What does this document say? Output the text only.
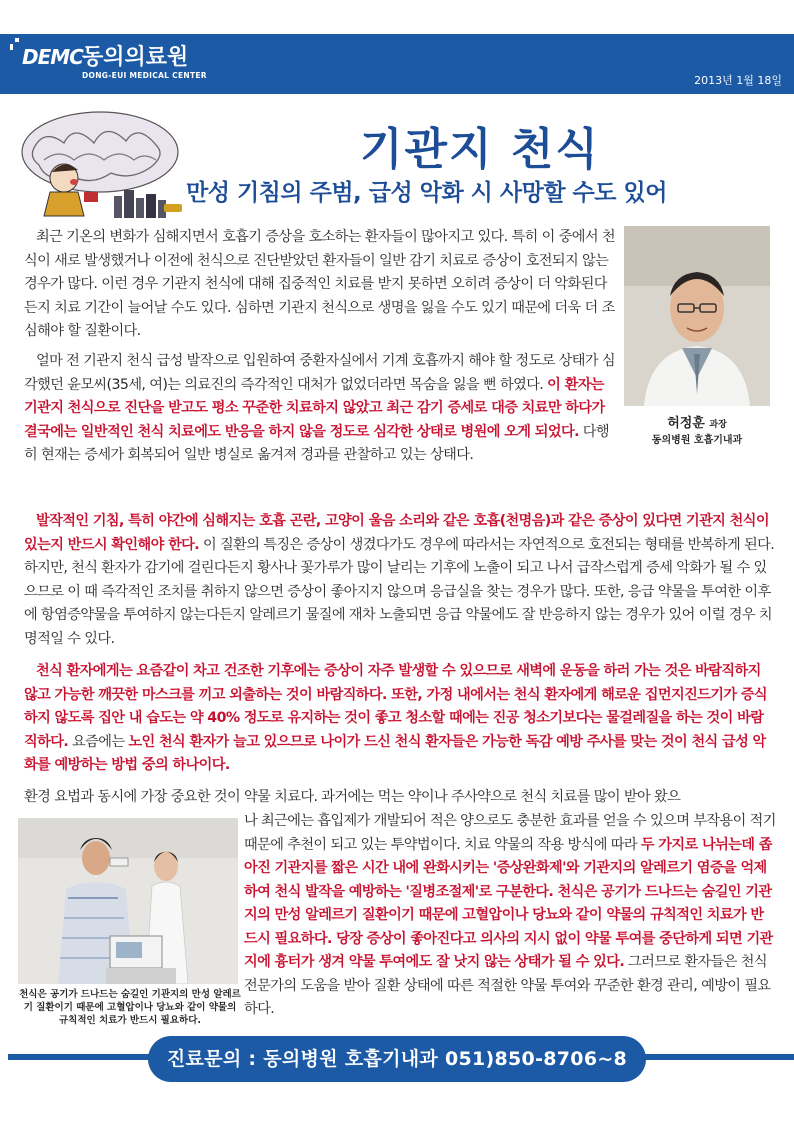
DEMC 동의의료원
DONG-EUI MEDICAL CENTER	2013년 1월 18일
기관지 천식
만성 기침의 주범, 급성 악화 시 사망할 수도 있어
허정훈 과장
동의병원 호흡기내과
최근 기온의 변화가 심해지면서 호흡기 증상을 호소하는 환자들이 많아지고 있다. 특히 이 중에서 천식이 새로 발생했거나 이전에 천식으로 진단받았던 환자들이 일반 감기 치료로 증상이 호전되지 않는 경우가 많다. 이런 경우 기관지 천식에 대해 집중적인 치료를 받지 못하면 오히려 증상이 더 악화된다든지 치료 기간이 늘어날 수도 있다. 심하면 기관지 천식으로 생명을 잃을 수도 있기 때문에 더욱 더 조심해야 할 질환이다.
얼마 전 기관지 천식 급성 발작으로 입원하여 중환자실에서 기계 호흡까지 해야 할 정도로 상태가 심각했던 윤모씨(35세, 여)는 의료진의 즉각적인 대처가 없었더라면 목숨을 잃을 뻔 하였다. 이 환자는 기관지 천식으로 진단을 받고도 평소 꾸준한 치료하지 않았고 최근 감기 증세로 대증 치료만 하다가 결국에는 일반적인 천식 치료에도 반응을 하지 않을 정도로 심각한 상태로 병원에 오게 되었다. 다행히 현재는 증세가 회복되어 일반 병실로 옮겨져 경과를 관찰하고 있는 상태다.
발작적인 기침, 특히 야간에 심해지는 호흡 곤란, 고양이 울음 소리와 같은 호흡(천명음)과 같은 증상이 있다면 기관지 천식이 있는지 반드시 확인해야 한다. 이 질환의 특징은 증상이 생겼다가도 경우에 따라서는 자연적으로 호전되는 형태를 반복하게 된다. 하지만, 천식 환자가 감기에 걸린다든지 황사나 꽃가루가 많이 날리는 기후에 노출이 되고 나서 급작스럽게 증세 악화가 될 수 있으므로 이 때 즉각적인 조치를 취하지 않으면 증상이 좋아지지 않으며 응급실을 찾는 경우가 많다. 또한, 응급 약물을 투여한 이후에 항염증약물을 투여하지 않는다든지 알레르기 물질에 재차 노출되면 응급 약물에도 잘 반응하지 않는 경우가 있어 이럴 경우 치명적일 수 있다.
천식 환자에게는 요즘같이 차고 건조한 기후에는 증상이 자주 발생할 수 있으므로 새벽에 운동을 하러 가는 것은 바람직하지 않고 가능한 깨끗한 마스크를 끼고 외출하는 것이 바람직하다. 또한, 가정 내에서는 천식 환자에게 해로운 집먼지진드기가 증식하지 않도록 집안 내 습도는 약 40% 정도로 유지하는 것이 좋고 청소할 때에는 진공 청소기보다는 물걸레질을 하는 것이 바람직하다. 요즘에는 노인 천식 환자가 늘고 있으므로 나이가 드신 천식 환자들은 가능한 독감 예방 주사를 맞는 것이 천식 급성 악화를 예방하는 방법 중의 하나이다.
환경 요법과 동시에 가장 중요한 것이 약물 치료다. 과거에는 먹는 약이나 주사약으로 천식 치료를 많이 받아 왔으
나 최근에는 흡입제가 개발되어 적은 양으로도 충분한 효과를 얻을 수 있으며 부작용이 적기 때문에 추천이 되고 있는 투약법이다. 치료 약물의 작용 방식에 따라 두 가지로 나뉘는데 좁아진 기관지를 짧은 시간 내에 완화시키는 '증상완화제'와 기관지의 알레르기 염증을 억제하여 천식 발작을 예방하는 '질병조절제'로 구분한다. 천식은 공기가 드나드는 숨길인 기관지의 만성 알레르기 질환이기 때문에 고혈압이나 당뇨와 같이 약물의 규칙적인 치료가 반드시 필요하다. 당장 증상이 좋아진다고 의사의 지시 없이 약물 투여를 중단하게 되면 기관지에 흉터가 생겨 약물 투여에도 잘 낫지 않는 상태가 될 수 있다. 그러므로 환자들은 천식 전문가의 도움을 받아 질환 상태에 따른 적절한 약물 투여와 꾸준한 환경 관리, 예방이 필요하다.
천식은 공기가 드나드는 숨길인 기관지의 만성 알레르기 질환이기 때문에 고혈압이나 당뇨와 같이 약물의 규칙적인 치료가 반드시 필요하다.
진료문의 : 동의병원 호흡기내과 051)850-8706~8
